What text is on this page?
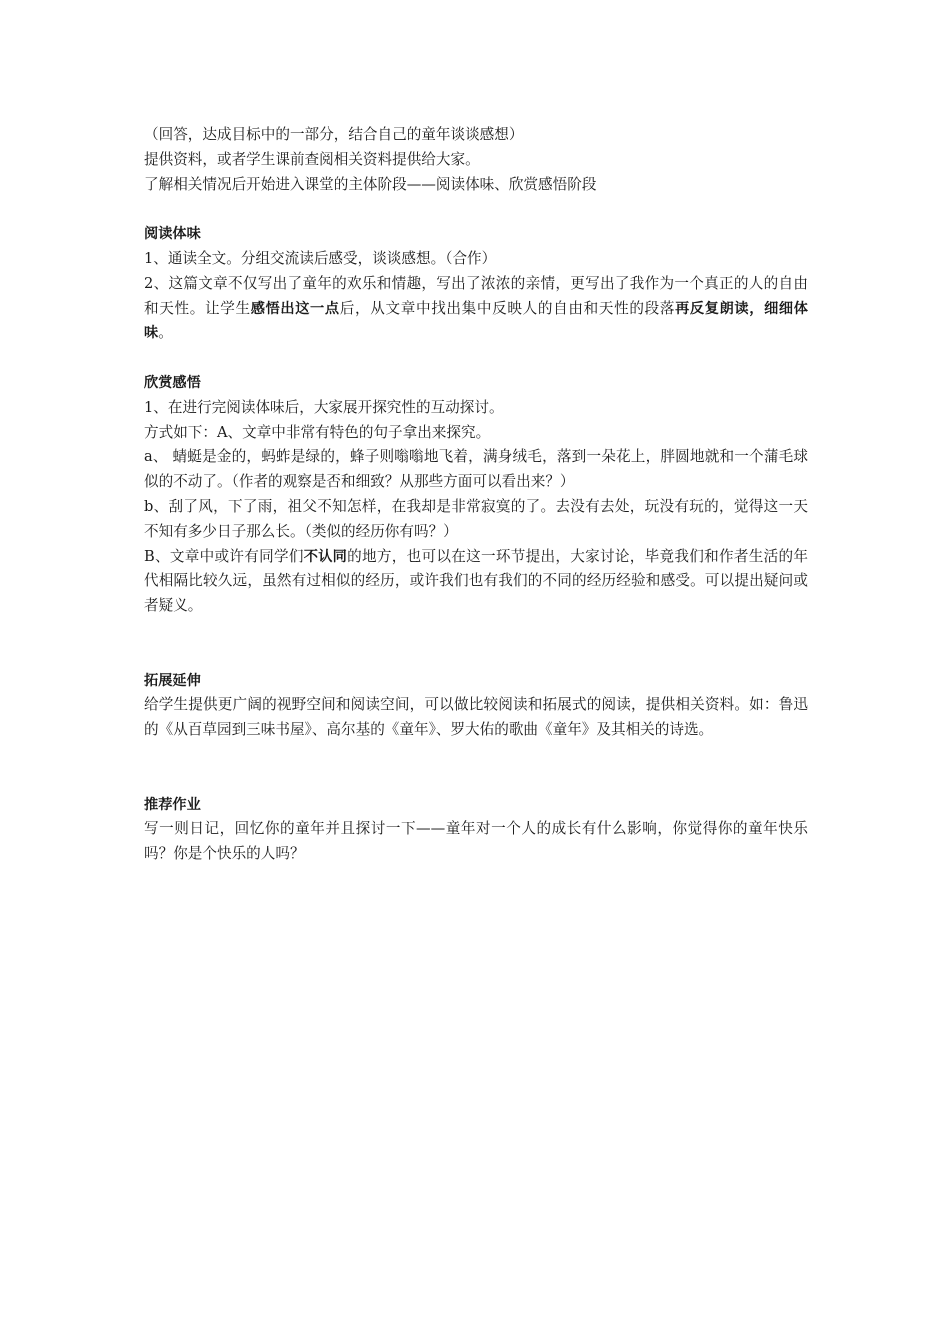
（回答，达成目标中的一部分，结合自己的童年谈谈感想）

提供资料，或者学生课前查阅相关资料提供给大家。

了解相关情况后开始进入课堂的主体阶段——阅读体味、欣赏感悟阶段

阅读体味

1、通读全文。分组交流读后感受，谈谈感想。（合作）

2、这篇文章不仅写出了童年的欢乐和情趣，写出了浓浓的亲情，更写出了我作为一个真正的人的自由和天性。让学生感悟出这一点后，从文章中找出集中反映人的自由和天性的段落再反复朗读，细细体味。

欣赏感悟

1、在进行完阅读体味后，大家展开探究性的互动探讨。

方式如下：A、文章中非常有特色的句子拿出来探究。

a、 蜻蜓是金的，蚂蚱是绿的，蜂子则嗡嗡地飞着，满身绒毛，落到一朵花上，胖圆地就和一个蒲毛球似的不动了。（作者的观察是否和细致？从那些方面可以看出来？）

b、刮了风，下了雨，祖父不知怎样，在我却是非常寂寞的了。去没有去处，玩没有玩的，觉得这一天不知有多少日子那么长。（类似的经历你有吗？）

B、文章中或许有同学们不认同的地方，也可以在这一环节提出，大家讨论，毕竟我们和作者生活的年代相隔比较久远，虽然有过相似的经历，或许我们也有我们的不同的经历经验和感受。可以提出疑问或者疑义。

拓展延伸

给学生提供更广阔的视野空间和阅读空间，可以做比较阅读和拓展式的阅读，提供相关资料。如：鲁迅的《从百草园到三味书屋》、高尔基的《童年》、罗大佑的歌曲《童年》及其相关的诗选。

推荐作业

写一则日记，回忆你的童年并且探讨一下——童年对一个人的成长有什么影响，你觉得你的童年快乐吗？你是个快乐的人吗？
